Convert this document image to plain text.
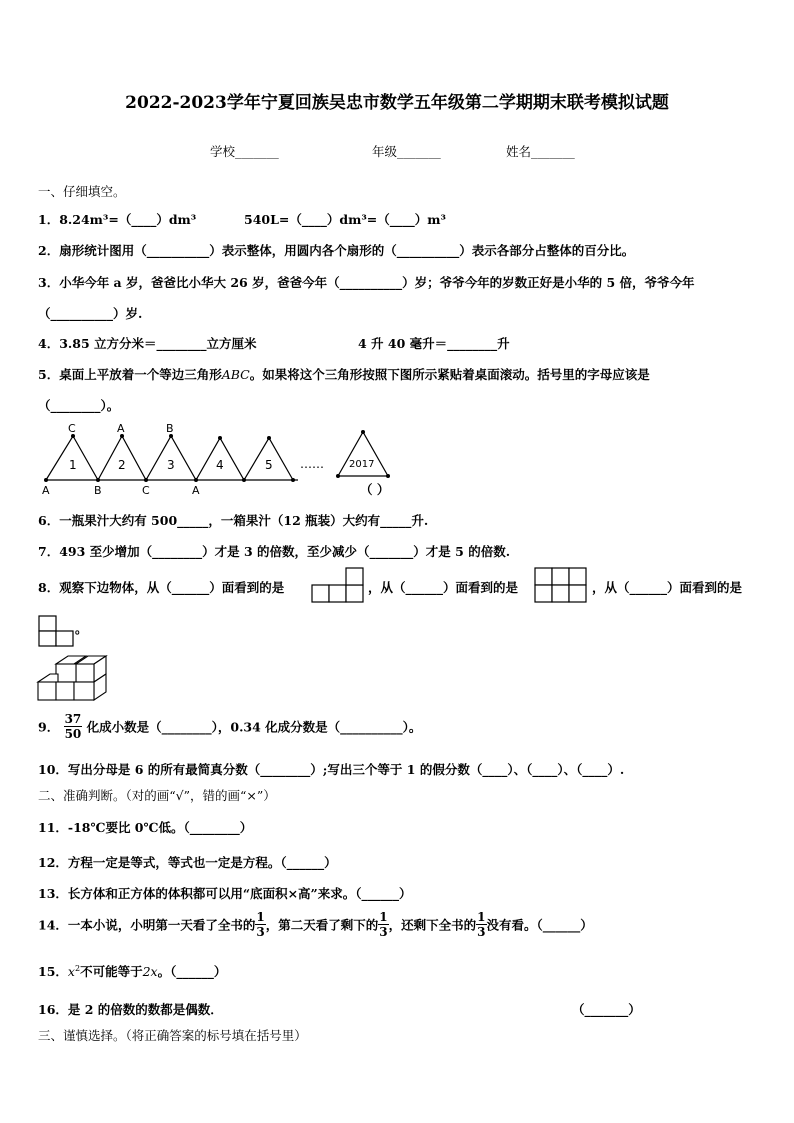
2022-2023学年宁夏回族吴忠市数学五年级第二学期期末联考模拟试题
学校_______	年级_______	姓名_______
一、仔细填空。
1．8.24m³=（____）dm³	540L=（____）dm³=（____）m³
2．扇形统计图用（__________）表示整体，用圆内各个扇形的（__________）表示各部分占整体的百分比。
3．小华今年 a 岁，爸爸比小华大 26 岁，爸爸今年（__________）岁；爷爷今年的岁数正好是小华的 5 倍，爷爷今年
（__________）岁.
4．3.85 立方分米＝________立方厘米	4 升 40 毫升＝________升
5．桌面上平放着一个等边三角形ABC。如果将这个三角形按照下图所示紧贴着桌面滚动。括号里的字母应该是
（________）。
C	A	B
A	B	C	A
1	2	3	4	5 ……	2017
（ ）
6．一瓶果汁大约有 500_____，一箱果汁（12 瓶装）大约有_____升.
7．493 至少增加（________）才是 3 的倍数，至少减少（_______）才是 5 的倍数.
8．观察下边物体，从（______）面看到的是	，从（______）面看到的是	，从（______）面看到的是
。
9． $\frac{37}{50}$ 化成小数是（________），0.34 化成分数是（__________）。
10．写出分母是 6 的所有最简真分数（________）;写出三个等于 1 的假分数（____）、（____）、（____）.
二、准确判断。（对的画“√”，错的画“×”）
11．-18℃要比 0℃低。（________）
12．方程一定是等式，等式也一定是方程。（______）
13．长方体和正方体的体积都可以用“底面积×高”来求。（______）
14．一本小说，小明第一天看了全书的 $\frac{1}{3}$ ，第二天看了剩下的 $\frac{1}{3}$ ，还剩下全书的 $\frac{1}{3}$ 没有看。（______）
15．$x^2$不可能等于2x。（______）
16．是 2 的倍数的数都是偶数．	（_______）
三、谨慎选择。（将正确答案的标号填在括号里）
